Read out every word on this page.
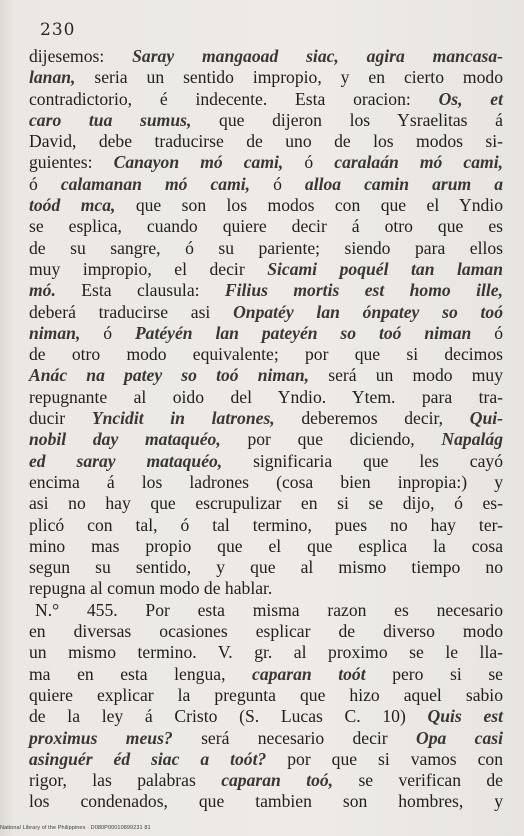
230
dijesemos: Saray mangaoad siac, agira mancasa-
lanan, seria un sentido impropio, y en cierto modo
contradictorio, é indecente. Esta oracion: Os, et
caro tua sumus, que dijeron los Ysraelitas á
David, debe traducirse de uno de los modos si-
guientes: Canayon mó cami, ó caralaán mó cami,
ó calamanan mó cami, ó alloa camin arum a
toód mca, que son los modos con que el Yndio
se esplica, cuando quiere decir á otro que es
de su sangre, ó su pariente; siendo para ellos
muy impropio, el decir Sicami poquél tan laman
mó. Esta clausula: Filius mortis est homo ille,
deberá traducirse asi Onpatéy lan ónpatey so toó
niman, ó Patéyén lan pateyén so toó niman ó
de otro modo equivalente; por que si decimos
Anác na patey so toó niman, será un modo muy
repugnante al oido del Yndio. Ytem. para tra-
ducir Yncidit in latrones, deberemos decir, Qui-
nobil day mataquéo, por que diciendo, Napalág
ed saray mataquéo, significaria que les cayó
encima á los ladrones (cosa bien inpropia:) y
asi no hay que escrupulizar en si se dijo, ó es-
plicó con tal, ó tal termino, pues no hay ter-
mino mas propio que el que esplica la cosa
segun su sentido, y que al mismo tiempo no
repugna al comun modo de hablar.
N.° 455. Por esta misma razon es necesario
en diversas ocasiones esplicar de diverso modo
un mismo termino. V. gr. al proximo se le lla-
ma en esta lengua, caparan toót pero si se
quiere explicar la pregunta que hizo aquel sabio
de la ley á Cristo (S. Lucas C. 10) Quis est
proximus meus? será necesario decir Opa casi
asinguér éd siac a toót? por que si vamos con
rigor, las palabras caparan toó, se verifican de
los condenados, que tambien son hombres, y
National Library of the Philippines · D080P00010899231 81
